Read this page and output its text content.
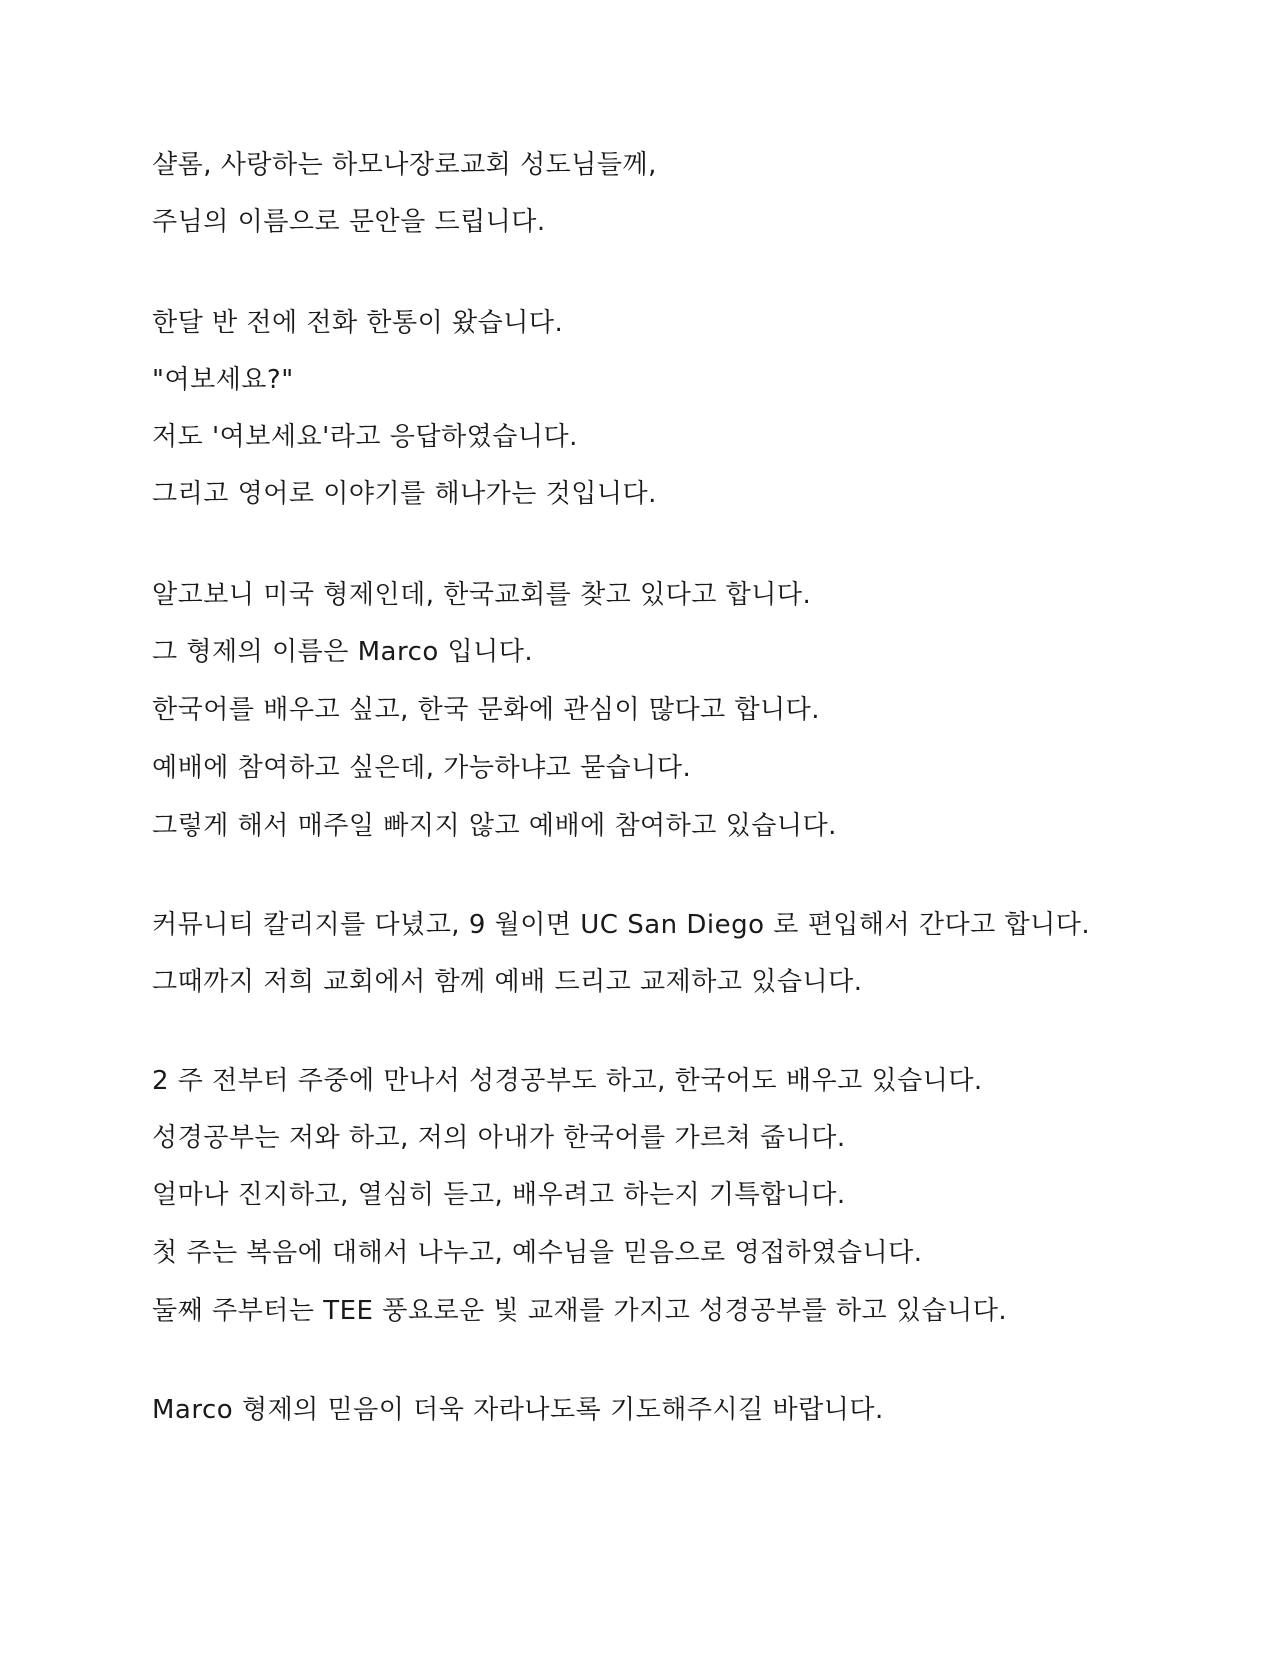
샬롬, 사랑하는 하모나장로교회 성도님들께,
주님의 이름으로 문안을 드립니다.
한달 반 전에 전화 한통이 왔습니다.
"여보세요?"
저도 '여보세요'라고 응답하였습니다.
그리고 영어로 이야기를 해나가는 것입니다.
알고보니 미국 형제인데, 한국교회를 찾고 있다고 합니다.
그 형제의 이름은 Marco 입니다.
한국어를 배우고 싶고, 한국 문화에 관심이 많다고 합니다.
예배에 참여하고 싶은데, 가능하냐고 묻습니다.
그렇게 해서 매주일 빠지지 않고 예배에 참여하고 있습니다.
커뮤니티 칼리지를 다녔고, 9 월이면 UC San Diego 로 편입해서 간다고 합니다.
그때까지 저희 교회에서 함께 예배 드리고 교제하고 있습니다.
2 주 전부터 주중에 만나서 성경공부도 하고, 한국어도 배우고 있습니다.
성경공부는 저와 하고, 저의 아내가 한국어를 가르쳐 줍니다.
얼마나 진지하고, 열심히 듣고, 배우려고 하는지 기특합니다.
첫 주는 복음에 대해서 나누고, 예수님을 믿음으로 영접하였습니다.
둘째 주부터는 TEE 풍요로운 빛 교재를 가지고 성경공부를 하고 있습니다.
Marco 형제의 믿음이 더욱 자라나도록 기도해주시길 바랍니다.
